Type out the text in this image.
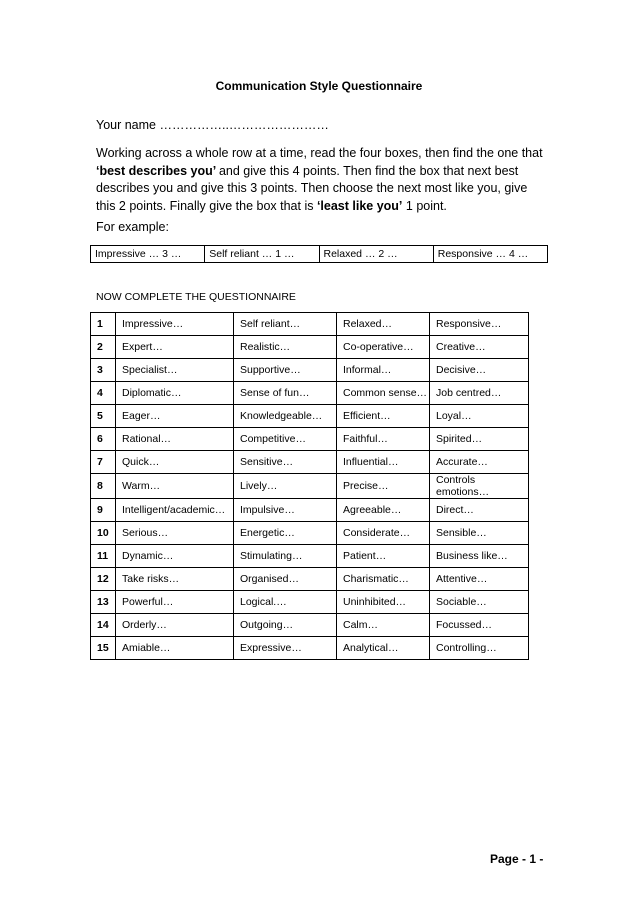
Communication Style Questionnaire
Your name ……………..……………………
Working across a whole row at a time, read the four boxes, then find the one that ‘best describes you’ and give this 4 points. Then find the box that next best describes you and give this 3 points. Then choose the next most like you, give this 2 points. Finally give the box that is ‘least like you’ 1 point.
For example:
Impressive … 3 …	Self reliant … 1 …	Relaxed … 2 …	Responsive … 4 …
NOW COMPLETE THE QUESTIONNAIRE
1	Impressive…	Self reliant…	Relaxed…	Responsive…
2	Expert…	Realistic…	Co-operative…	Creative…
3	Specialist…	Supportive…	Informal…	Decisive…
4	Diplomatic…	Sense of fun…	Common sense…	Job centred…
5	Eager…	Knowledgeable…	Efficient…	Loyal…
6	Rational…	Competitive…	Faithful…	Spirited…
7	Quick…	Sensitive…	Influential…	Accurate…
8	Warm…	Lively…	Precise…	Controls emotions…
9	Intelligent/academic…	Impulsive…	Agreeable…	Direct…
10	Serious…	Energetic…	Considerate…	Sensible…
11	Dynamic…	Stimulating…	Patient…	Business like…
12	Take risks…	Organised…	Charismatic…	Attentive…
13	Powerful…	Logical.…	Uninhibited…	Sociable…
14	Orderly…	Outgoing…	Calm…	Focussed…
15	Amiable…	Expressive…	Analytical…	Controlling…
Page - 1 -
